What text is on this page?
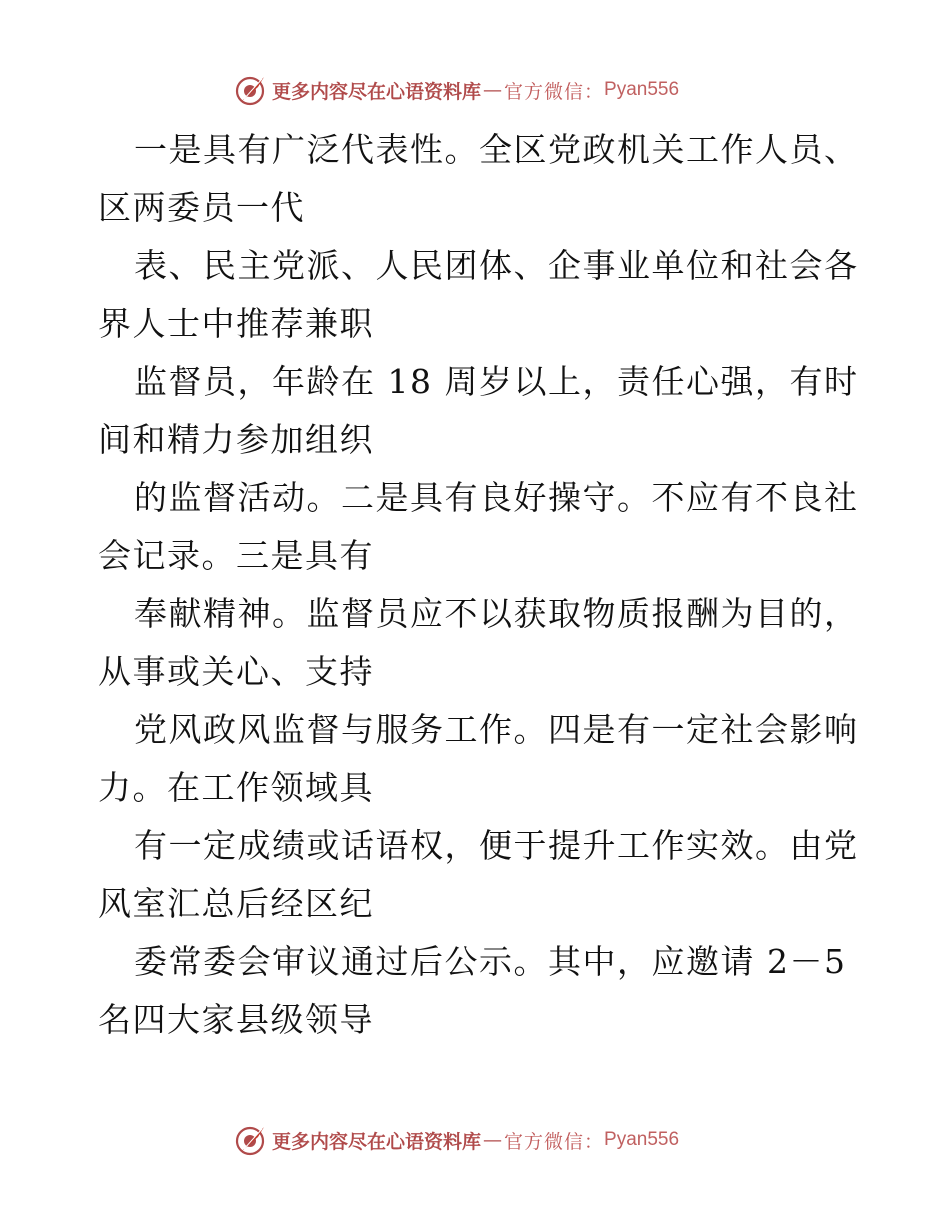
更多内容尽在心语资料库 — 官方微信： Pyan556
一是具有广泛代表性。全区党政机关工作人员、
区两委员一代
表、民主党派、人民团体、企事业单位和社会各
界人士中推荐兼职
监督员，年龄在 18 周岁以上，责任心强，有时
间和精力参加组织
的监督活动。二是具有良好操守。不应有不良社
会记录。三是具有
奉献精神。监督员应不以获取物质报酬为目的，
从事或关心、支持
党风政风监督与服务工作。四是有一定社会影响
力。在工作领域具
有一定成绩或话语权，便于提升工作实效。由党
风室汇总后经区纪
委常委会审议通过后公示。其中，应邀请 2－5
名四大家县级领导
更多内容尽在心语资料库 — 官方微信： Pyan556
